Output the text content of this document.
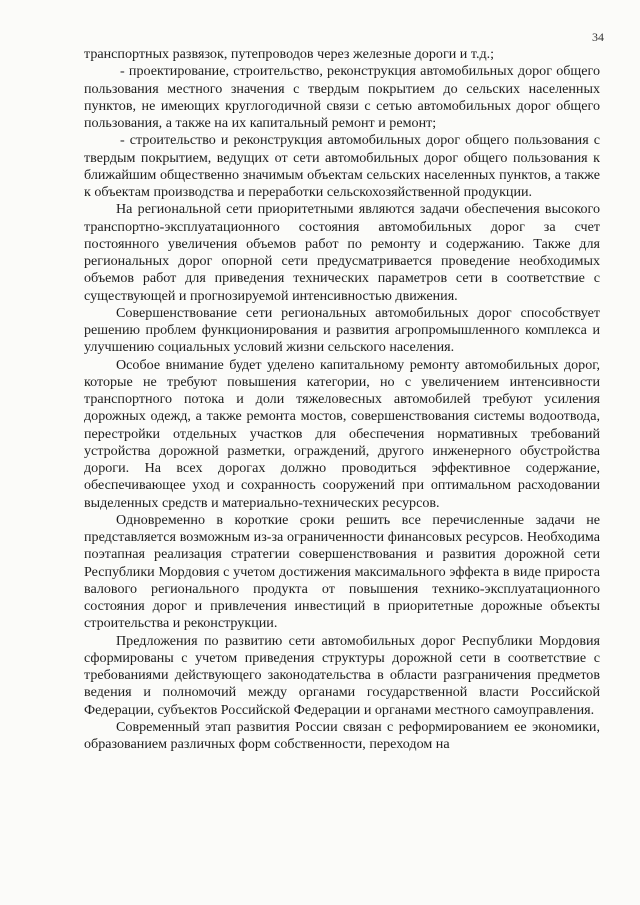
34

транспортных развязок, путепроводов через железные дороги и т.д.;

- проектирование, строительство, реконструкция автомобильных дорог общего пользования местного значения с твердым покрытием до сельских населенных пунктов, не имеющих круглогодичной связи с сетью автомобильных дорог общего пользования, а также на их капитальный ремонт и ремонт;

- строительство и реконструкция автомобильных дорог общего пользования с твердым покрытием, ведущих от сети автомобильных дорог общего пользования к ближайшим общественно значимым объектам сельских населенных пунктов, а также к объектам производства и переработки сельскохозяйственной продукции.

На региональной сети приоритетными являются задачи обеспечения высокого транспортно-эксплуатационного состояния автомобильных дорог за счет постоянного увеличения объемов работ по ремонту и содержанию. Также для региональных дорог опорной сети предусматривается проведение необходимых объемов работ для приведения технических параметров сети в соответствие с существующей и прогнозируемой интенсивностью движения.

Совершенствование сети региональных автомобильных дорог способствует решению проблем функционирования и развития агропромышленного комплекса и улучшению социальных условий жизни сельского населения.

Особое внимание будет уделено капитальному ремонту автомобильных дорог, которые не требуют повышения категории, но с увеличением интенсивности транспортного потока и доли тяжеловесных автомобилей требуют усиления дорожных одежд, а также ремонта мостов, совершенствования системы водоотвода, перестройки отдельных участков для обеспечения нормативных требований устройства дорожной разметки, ограждений, другого инженерного обустройства дороги. На всех дорогах должно проводиться эффективное содержание, обеспечивающее уход и сохранность сооружений при оптимальном расходовании выделенных средств и материально-технических ресурсов.

Одновременно в короткие сроки решить все перечисленные задачи не представляется возможным из-за ограниченности финансовых ресурсов. Необходима поэтапная реализация стратегии совершенствования и развития дорожной сети Республики Мордовия с учетом достижения максимального эффекта в виде прироста валового регионального продукта от повышения технико-эксплуатационного состояния дорог и привлечения инвестиций в приоритетные дорожные объекты строительства и реконструкции.

Предложения по развитию сети автомобильных дорог Республики Мордовия сформированы с учетом приведения структуры дорожной сети в соответствие с требованиями действующего законодательства в области разграничения предметов ведения и полномочий между органами государственной власти Российской Федерации, субъектов Российской Федерации и органами местного самоуправления.

Современный этап развития России связан с реформированием ее экономики, образованием различных форм собственности, переходом на
